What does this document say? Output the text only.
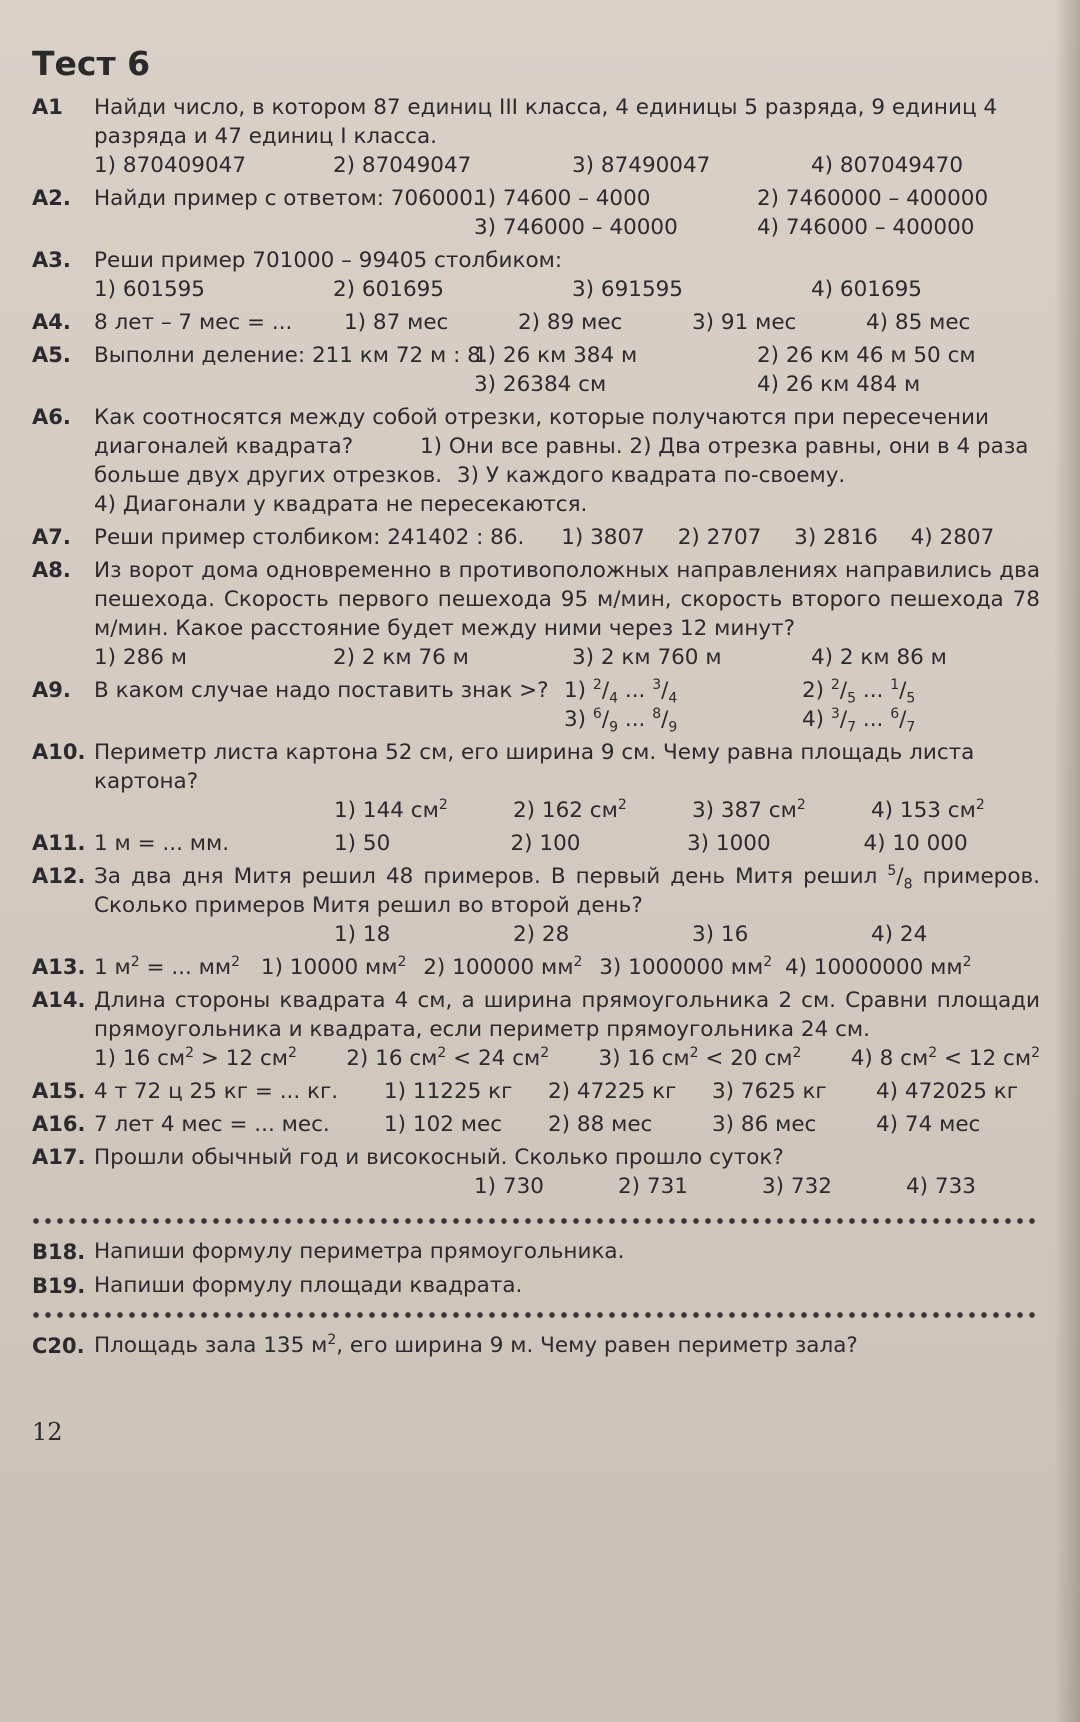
Тест 6
А1 Найди число, в котором 87 единиц III класса, 4 единицы 5 разряда, 9 единиц 4 разряда и 47 единиц I класса.
1) 870409047	2) 87049047	3) 87490047	4) 807049470
А2. Найди пример с ответом: 706000.
1) 74600 – 4000	2) 7460000 – 400000
3) 746000 – 40000	4) 746000 – 400000
А3. Реши пример 701000 – 99405 столбиком:
1) 601595	2) 601695	3) 691595	4) 601695
А4. 8 лет – 7 мес = ...	1) 87 мес	2) 89 мес	3) 91 мес	4) 85 мес
А5. Выполни деление: 211 км 72 м : 8.
1) 26 км 384 м	2) 26 км 46 м 50 см
3) 26384 см	4) 26 км 484 м
А6. Как соотносятся между собой отрезки, которые получаются при пересечении диагоналей квадрата?	1) Они все равны. 2) Два отрезка равны, они в 4 раза больше двух других отрезков. 3) У каждого квадрата по-своему.
4) Диагонали у квадрата не пересекаются.
А7. Реши пример столбиком: 241402 : 86. 1) 3807 2) 2707 3) 2816 4) 2807
А8. Из ворот дома одновременно в противоположных направлениях направились два пешехода. Скорость первого пешехода 95 м/мин, скорость второго пешехода 78 м/мин. Какое расстояние будет между ними через 12 минут?
1) 286 м	2) 2 км 76 м	3) 2 км 760 м	4) 2 км 86 м
А9. В каком случае надо поставить знак >? 1) $^2/_4$ ... $^3/_4$	2) $^2/_5$ ... $^1/_5$
3) $^6/_9$ ... $^8/_9$	4) $^3/_7$ ... $^6/_7$
А10. Периметр листа картона 52 см, его ширина 9 см. Чему равна площадь листа картона?
1) 144 $см^2$	2) 162 $см^2$	3) 387 $см^2$	4) 153 $см^2$
А11. 1 м = ... мм.	1) 50	2) 100	3) 1000	4) 10 000
А12. За два дня Митя решил 48 примеров. В первый день Митя решил $^5/_8$ примеров. Сколько примеров Митя решил во второй день?
1) 18	2) 28	3) 16	4) 24
А13. 1 $м^2$ = ... $мм^2$ 1) 10000 $мм^2$ 2) 100000 $мм^2$ 3) 1000000 $мм^2$ 4) 10000000 $мм^2$
А14. Длина стороны квадрата 4 см, а ширина прямоугольника 2 см. Сравни площади прямоугольника и квадрата, если периметр прямоугольника 24 см.
1) 16 $см^2 > 12$ $см^2$ 2) 16 $см^2 < 24$ $см^2$ 3) 16 $см^2 < 20$ $см^2$ 4) 8 $см^2 < 12$ $см^2$
А15. 4 т 72 ц 25 кг = ... кг.	1) 11225 кг	2) 47225 кг	3) 7625 кг	4) 472025 кг
А16. 7 лет 4 мес = ... мес.	1) 102 мес	2) 88 мес	3) 86 мес	4) 74 мес
А17. Прошли обычный год и високосный. Сколько прошло суток?
1) 730	2) 731	3) 732	4) 733
В18. Напиши формулу периметра прямоугольника.
В19. Напиши формулу площади квадрата.
С20. Площадь зала 135 $м^2$, его ширина 9 м. Чему равен периметр зала?
12
